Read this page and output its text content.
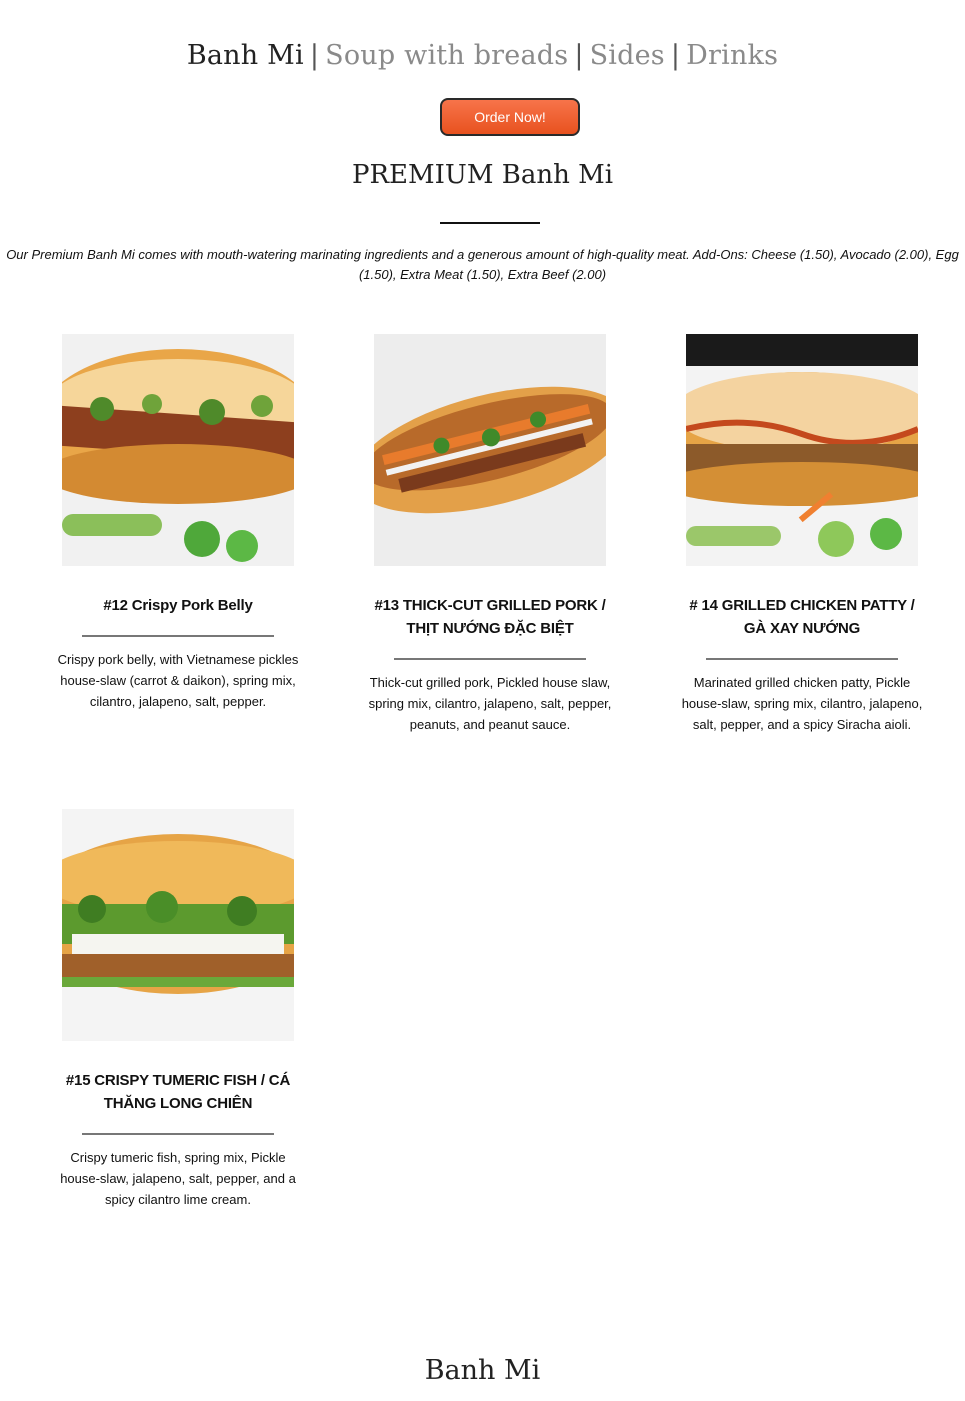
Banh Mi | Soup with breads | Sides | Drinks
Order Now!
PREMIUM Banh Mi
Our Premium Banh Mi comes with mouth-watering marinating ingredients and a generous amount of high-quality meat. Add-Ons: Cheese (1.50), Avocado (2.00), Egg
(1.50), Extra Meat (1.50), Extra Beef (2.00)
#12 Crispy Pork Belly
Crispy pork belly, with Vietnamese pickles house-slaw (carrot & daikon), spring mix, cilantro, jalapeno, salt, pepper.
#13 THICK-CUT GRILLED PORK / THỊT NƯỚNG ĐẶC BIỆT
Thick-cut grilled pork, Pickled house slaw, spring mix, cilantro, jalapeno, salt, pepper, peanuts, and peanut sauce.
# 14 GRILLED CHICKEN PATTY / GÀ XAY NƯỚNG
Marinated grilled chicken patty, Pickle house-slaw, spring mix, cilantro, jalapeno, salt, pepper, and a spicy Siracha aioli.
#15 CRISPY TUMERIC FISH / CÁ THĂNG LONG CHIÊN
Crispy tumeric fish, spring mix, Pickle house-slaw, jalapeno, salt, pepper, and a spicy cilantro lime cream.
Banh Mi
